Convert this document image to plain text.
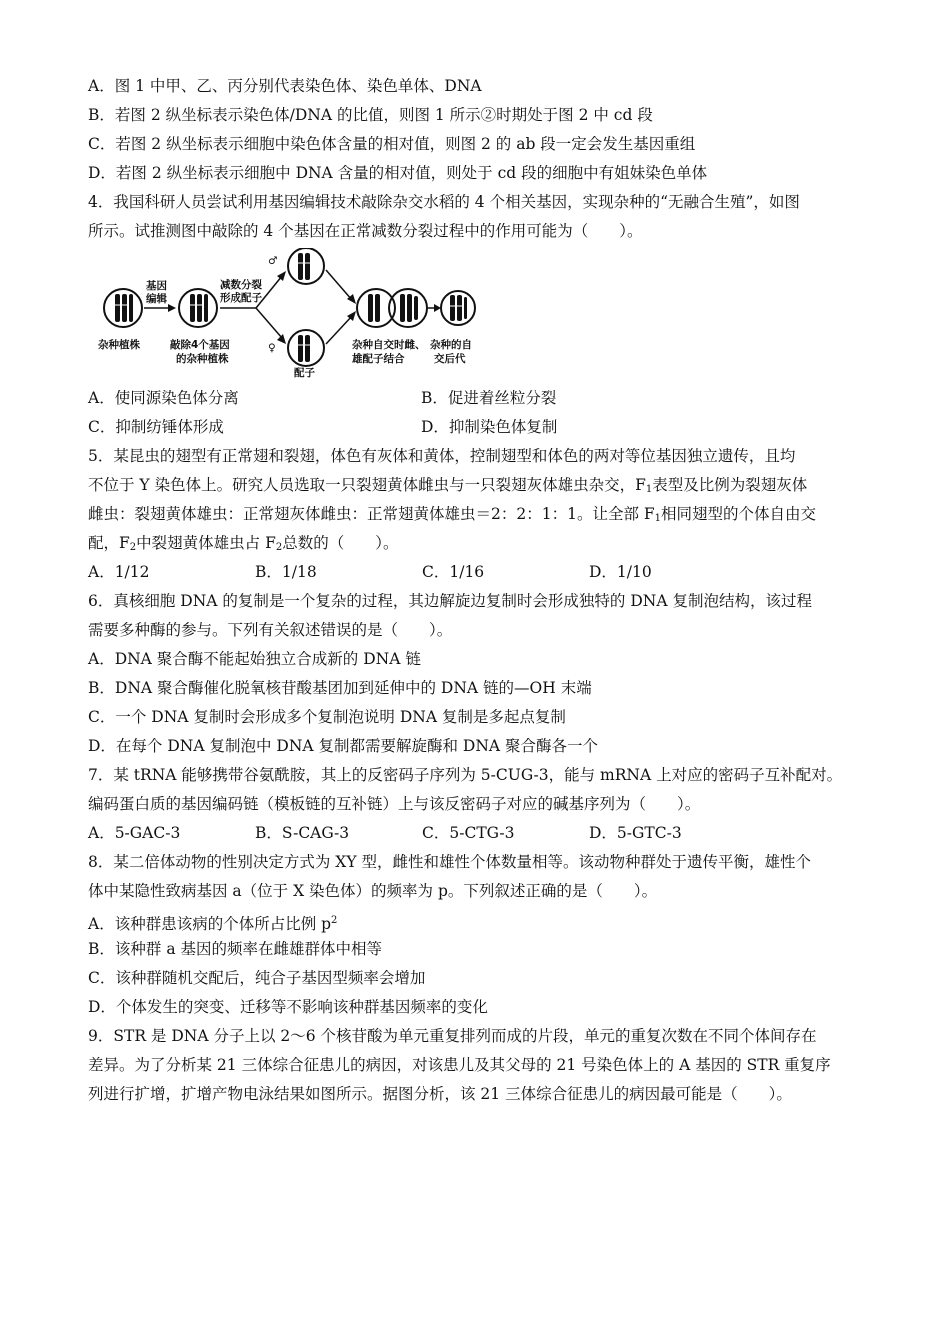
A．图 1 中甲、乙、丙分别代表染色体、染色单体、DNA
B．若图 2 纵坐标表示染色体/DNA 的比值，则图 1 所示②时期处于图 2 中 cd 段
C．若图 2 纵坐标表示细胞中染色体含量的相对值，则图 2 的 ab 段一定会发生基因重组
D．若图 2 纵坐标表示细胞中 DNA 含量的相对值，则处于 cd 段的细胞中有姐妹染色单体
4．我国科研人员尝试利用基因编辑技术敲除杂交水稻的 4 个相关基因，实现杂种的“无融合生殖”，如图
所示。试推测图中敲除的 4 个基因在正常减数分裂过程中的作用可能为（　　）。
杂种植株
基因
编辑
敲除4个基因
的杂种植株
减数分裂
形成配子
♂
♀
配子
杂种自交时雌、
雄配子结合
杂种的自
交后代
A．使同源染色体分离	B．促进着丝粒分裂
C．抑制纺锤体形成	D．抑制染色体复制
5．某昆虫的翅型有正常翅和裂翅，体色有灰体和黄体，控制翅型和体色的两对等位基因独立遗传，且均
不位于 Y 染色体上。研究人员选取一只裂翅黄体雌虫与一只裂翅灰体雄虫杂交，$F_1$表型及比例为裂翅灰体
雌虫：裂翅黄体雄虫：正常翅灰体雌虫：正常翅黄体雄虫＝2：2：1：1。让全部 $F_1$相同翅型的个体自由交
配，$F_2$中裂翅黄体雄虫占 $F_2$总数的（　　）。
A．1/12	B．1/18	C．1/16	D．1/10
6．真核细胞 DNA 的复制是一个复杂的过程，其边解旋边复制时会形成独特的 DNA 复制泡结构，该过程
需要多种酶的参与。下列有关叙述错误的是（　　）。
A．DNA 聚合酶不能起始独立合成新的 DNA 链
B．DNA 聚合酶催化脱氧核苷酸基团加到延伸中的 DNA 链的—OH 末端
C．一个 DNA 复制时会形成多个复制泡说明 DNA 复制是多起点复制
D．在每个 DNA 复制泡中 DNA 复制都需要解旋酶和 DNA 聚合酶各一个
7．某 tRNA 能够携带谷氨酰胺，其上的反密码子序列为 5-CUG-3，能与 mRNA 上对应的密码子互补配对。
编码蛋白质的基因编码链（模板链的互补链）上与该反密码子对应的碱基序列为（　　）。
A．5-GAC-3	B．S-CAG-3	C．5-CTG-3	D．5-GTC-3
8．某二倍体动物的性别决定方式为 XY 型，雌性和雄性个体数量相等。该动物种群处于遗传平衡，雄性个
体中某隐性致病基因 a（位于 X 染色体）的频率为 p。下列叙述正确的是（　　）。
A．该种群患该病的个体所占比例 $p^2$
B．该种群 a 基因的频率在雌雄群体中相等
C．该种群随机交配后，纯合子基因型频率会增加
D．个体发生的突变、迁移等不影响该种群基因频率的变化
9．STR 是 DNA 分子上以 2～6 个核苷酸为单元重复排列而成的片段，单元的重复次数在不同个体间存在
差异。为了分析某 21 三体综合征患儿的病因，对该患儿及其父母的 21 号染色体上的 A 基因的 STR 重复序
列进行扩增，扩增产物电泳结果如图所示。据图分析，该 21 三体综合征患儿的病因最可能是（　　）。
